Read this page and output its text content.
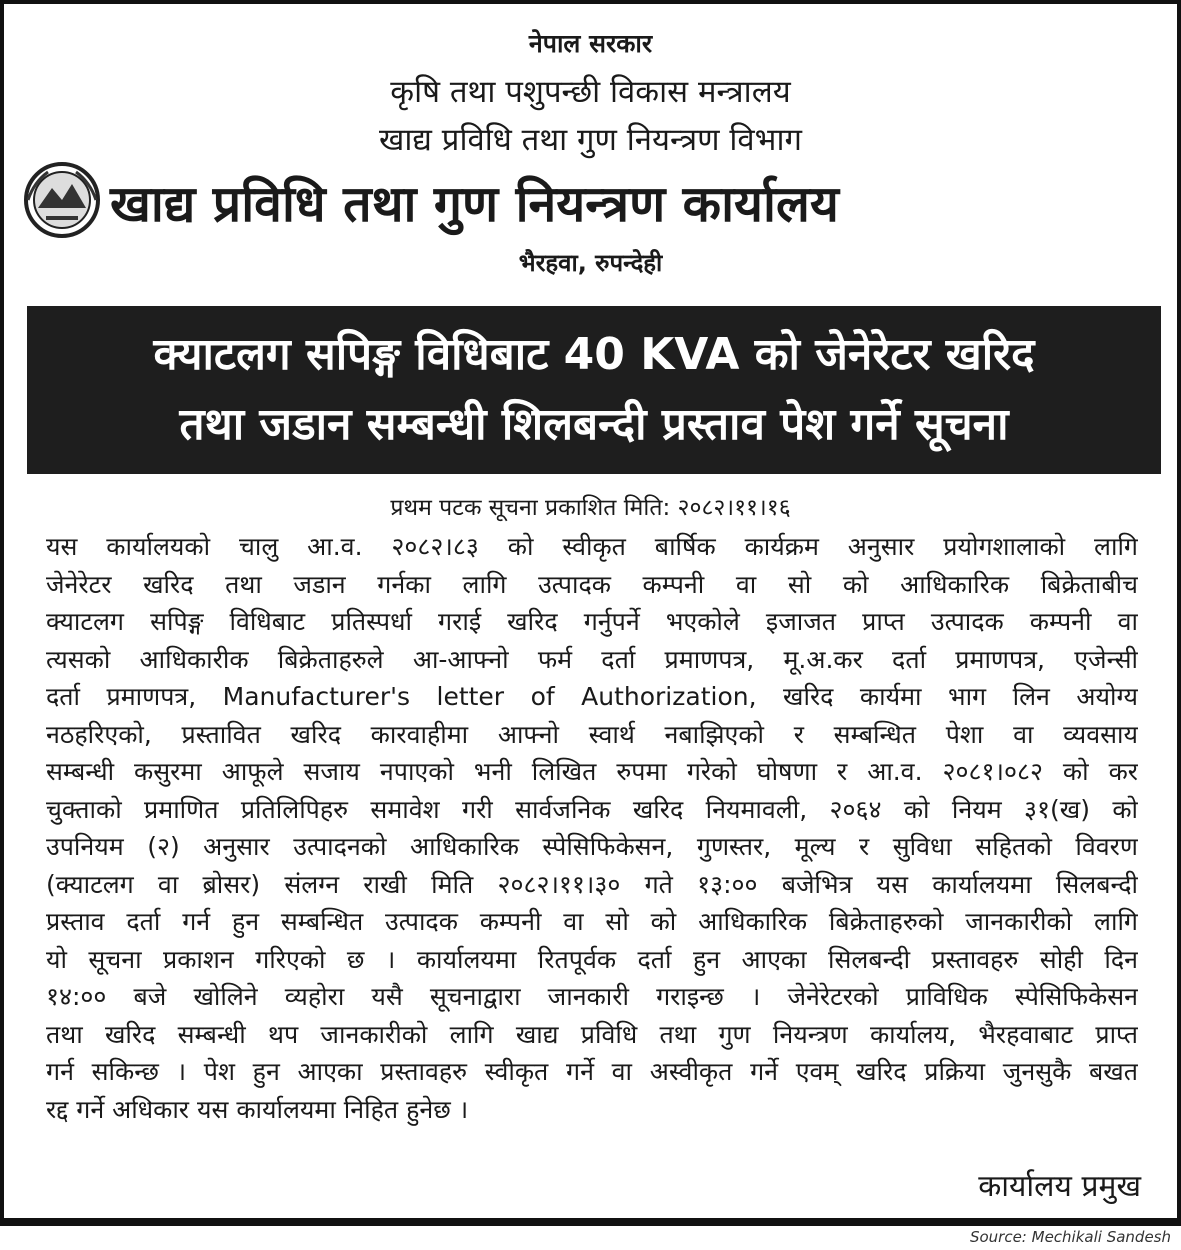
नेपाल सरकार
कृषि तथा पशुपन्छी विकास मन्त्रालय
खाद्य प्रविधि तथा गुण नियन्त्रण विभाग
खाद्य प्रविधि तथा गुण नियन्त्रण कार्यालय
भैरहवा, रुपन्देही
क्याटलग सपिङ्ग विधिबाट 40 KVA को जेनेरेटर खरिद
तथा जडान सम्बन्धी शिलबन्दी प्रस्ताव पेश गर्ने सूचना
प्रथम पटक सूचना प्रकाशित मिति: २०८२।११।१६
यस कार्यालयको चालु आ.व. २०८२।८३ को स्वीकृत बार्षिक कार्यक्रम अनुसार प्रयोगशालाको लागि
जेनेरेटर खरिद तथा जडान गर्नका लागि उत्पादक कम्पनी वा सो को आधिकारिक बिक्रेताबीच
क्याटलग सपिङ्ग विधिबाट प्रतिस्पर्धा गराई खरिद गर्नुपर्ने भएकोले इजाजत प्राप्त उत्पादक कम्पनी वा
त्यसको आधिकारीक बिक्रेताहरुले आ-आफ्नो फर्म दर्ता प्रमाणपत्र, मू.अ.कर दर्ता प्रमाणपत्र, एजेन्सी
दर्ता प्रमाणपत्र, Manufacturer's letter of Authorization, खरिद कार्यमा भाग लिन अयोग्य
नठहरिएको, प्रस्तावित खरिद कारवाहीमा आफ्नो स्वार्थ नबाझिएको र सम्बन्धित पेशा वा व्यवसाय
सम्बन्धी कसुरमा आफूले सजाय नपाएको भनी लिखित रुपमा गरेको घोषणा र आ.व. २०८१।०८२ को कर
चुक्ताको प्रमाणित प्रतिलिपिहरु समावेश गरी सार्वजनिक खरिद नियमावली, २०६४ को नियम ३१(ख) को
उपनियम (२) अनुसार उत्पादनको आधिकारिक स्पेसिफिकेसन, गुणस्तर, मूल्य र सुविधा सहितको विवरण
(क्याटलग वा ब्रोसर) संलग्न राखी मिति २०८२।११।३० गते १३:०० बजेभित्र यस कार्यालयमा सिलबन्दी
प्रस्ताव दर्ता गर्न हुन सम्बन्धित उत्पादक कम्पनी वा सो को आधिकारिक बिक्रेताहरुको जानकारीको लागि
यो सूचना प्रकाशन गरिएको छ । कार्यालयमा रितपूर्वक दर्ता हुन आएका सिलबन्दी प्रस्तावहरु सोही दिन
१४:०० बजे खोलिने व्यहोरा यसै सूचनाद्वारा जानकारी गराइन्छ । जेनेरेटरको प्राविधिक स्पेसिफिकेसन
तथा खरिद सम्बन्धी थप जानकारीको लागि खाद्य प्रविधि तथा गुण नियन्त्रण कार्यालय, भैरहवाबाट प्राप्त
गर्न सकिन्छ । पेश हुन आएका प्रस्तावहरु स्वीकृत गर्ने वा अस्वीकृत गर्ने एवम् खरिद प्रक्रिया जुनसुकै बखत
रद्द गर्ने अधिकार यस कार्यालयमा निहित हुनेछ ।
कार्यालय प्रमुख
Source: Mechikali Sandesh
